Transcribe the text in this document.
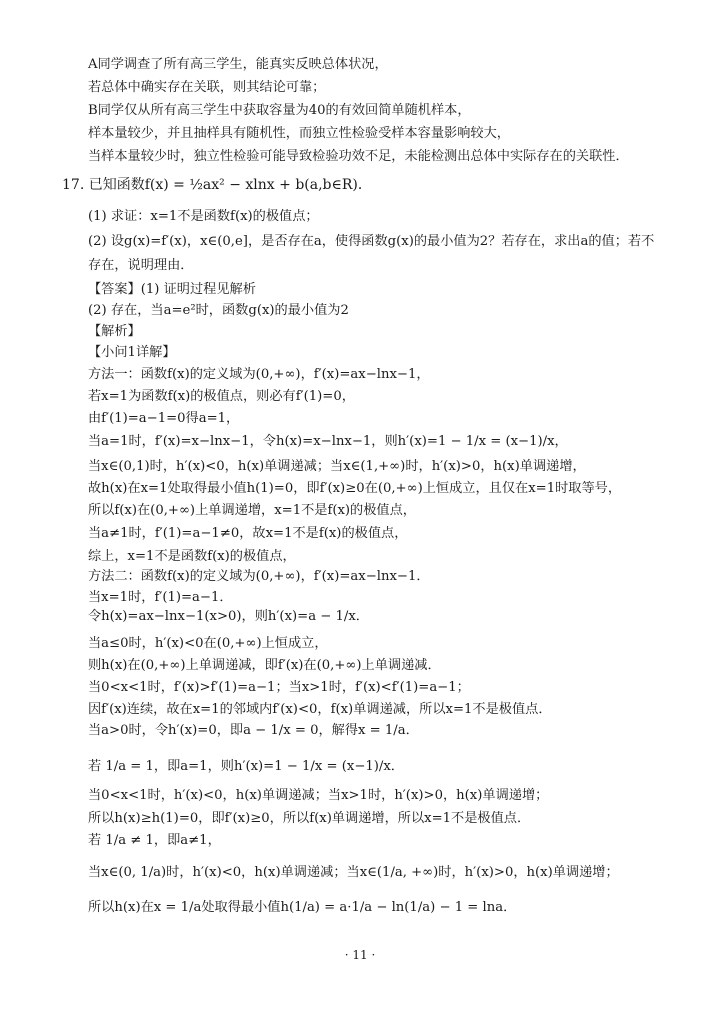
A同学调查了所有高三学生，能真实反映总体状况，
若总体中确实存在关联，则其结论可靠；
B同学仅从所有高三学生中获取容量为40的有效回简单随机样本，
样本量较少，并且抽样具有随机性，而独立性检验受样本容量影响较大，
当样本量较少时，独立性检验可能导致检验功效不足，未能检测出总体中实际存在的关联性．
17. 已知函数f(x) = ½ax² − xlnx + b(a,b∈R)．
(1) 求证：x=1不是函数f(x)的极值点；
(2) 设g(x)=f′(x)，x∈(0,e]，是否存在a，使得函数g(x)的最小值为2？若存在，求出a的值；若不
存在，说明理由．
【答案】(1) 证明过程见解析
(2) 存在，当a=e²时，函数g(x)的最小值为2
【解析】
【小问1详解】
方法一：函数f(x)的定义域为(0,+∞)，f′(x)=ax−lnx−1，
若x=1为函数f(x)的极值点，则必有f′(1)=0，
由f′(1)=a−1=0得a=1，
当a=1时，f′(x)=x−lnx−1，令h(x)=x−lnx−1，则h′(x)=1 − 1/x = (x−1)/x，
当x∈(0,1)时，h′(x)<0，h(x)单调递减；当x∈(1,+∞)时，h′(x)>0，h(x)单调递增，
故h(x)在x=1处取得最小值h(1)=0，即f′(x)≥0在(0,+∞)上恒成立，且仅在x=1时取等号，
所以f(x)在(0,+∞)上单调递增，x=1不是f(x)的极值点，
当a≠1时，f′(1)=a−1≠0，故x=1不是f(x)的极值点，
综上，x=1不是函数f(x)的极值点，
方法二：函数f(x)的定义域为(0,+∞)，f′(x)=ax−lnx−1．
当x=1时，f′(1)=a−1．
令h(x)=ax−lnx−1(x>0)，则h′(x)=a − 1/x．
当a≤0时，h′(x)<0在(0,+∞)上恒成立，
则h(x)在(0,+∞)上单调递减，即f′(x)在(0,+∞)上单调递减．
当0<x<1时，f′(x)>f′(1)=a−1；当x>1时，f′(x)<f′(1)=a−1；
因f′(x)连续，故在x=1的邻域内f′(x)<0，f(x)单调递减，所以x=1不是极值点．
当a>0时，令h′(x)=0，即a − 1/x = 0，解得x = 1/a．
若 1/a = 1，即a=1，则h′(x)=1 − 1/x = (x−1)/x．
当0<x<1时，h′(x)<0，h(x)单调递减；当x>1时，h′(x)>0，h(x)单调递增；
所以h(x)≥h(1)=0，即f′(x)≥0，所以f(x)单调递增，所以x=1不是极值点．
若 1/a ≠ 1，即a≠1，
当x∈(0, 1/a)时，h′(x)<0，h(x)单调递减；当x∈(1/a, +∞)时，h′(x)>0，h(x)单调递增；
所以h(x)在x = 1/a处取得最小值h(1/a) = a·1/a − ln(1/a) − 1 = lna．
· 11 ·
